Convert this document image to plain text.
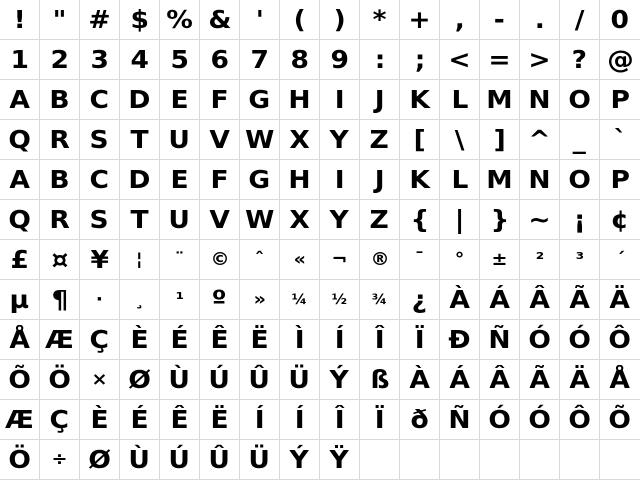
! " # $ % & ' ( ) * + , - . / 0
1 2 3 4 5 6 7 8 9 : ; < = > ? @
A B C D E F G H I J K L M N O P
Q R S T U V W X Y Z [ \ ] ^ _ `
A B C D E F G H I J K L M N O P
Q R S T U V W X Y Z { | } ~ ¡ ¢
£ ¤ ¥ ¦ ¨ © ˆ « ¬ ® ¯ ° ± ² ³ ´
µ ¶ · ¸ ¹ º » ¼ ½ ¾ ¿ À Á Â Ã Ä
Å Æ Ç È É Ê Ë Ì Í Î Ï Ð Ñ Ó Ó Ô
Õ Ö × Ø Ù Ú Û Ü Ý ß À Á Â Ã Ä Å
Æ Ç È É Ê Ë Í Í Î Ï ð Ñ Ó Ó Ô Õ
Ö ÷ Ø Ù Ú Û Ü Ý Ÿ
